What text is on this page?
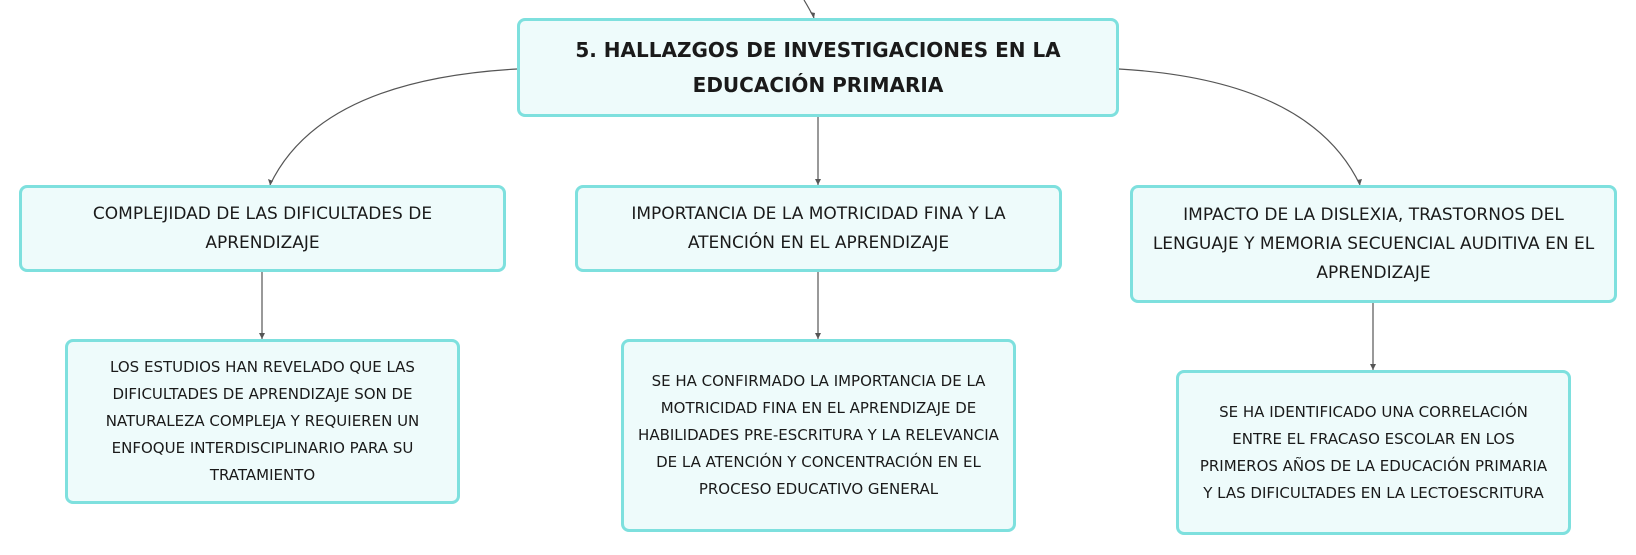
5. HALLAZGOS DE INVESTIGACIONES EN LA EDUCACIÓN PRIMARIA
COMPLEJIDAD DE LAS DIFICULTADES DE APRENDIZAJE
IMPORTANCIA DE LA MOTRICIDAD FINA Y LA ATENCIÓN EN EL APRENDIZAJE
IMPACTO DE LA DISLEXIA, TRASTORNOS DEL LENGUAJE Y MEMORIA SECUENCIAL AUDITIVA EN EL APRENDIZAJE
LOS ESTUDIOS HAN REVELADO QUE LAS DIFICULTADES DE APRENDIZAJE SON DE NATURALEZA COMPLEJA Y REQUIEREN UN ENFOQUE INTERDISCIPLINARIO PARA SU TRATAMIENTO
SE HA CONFIRMADO LA IMPORTANCIA DE LA MOTRICIDAD FINA EN EL APRENDIZAJE DE HABILIDADES PRE-ESCRITURA Y LA RELEVANCIA DE LA ATENCIÓN Y CONCENTRACIÓN EN EL PROCESO EDUCATIVO GENERAL
SE HA IDENTIFICADO UNA CORRELACIÓN ENTRE EL FRACASO ESCOLAR EN LOS PRIMEROS AÑOS DE LA EDUCACIÓN PRIMARIA Y LAS DIFICULTADES EN LA LECTOESCRITURA
